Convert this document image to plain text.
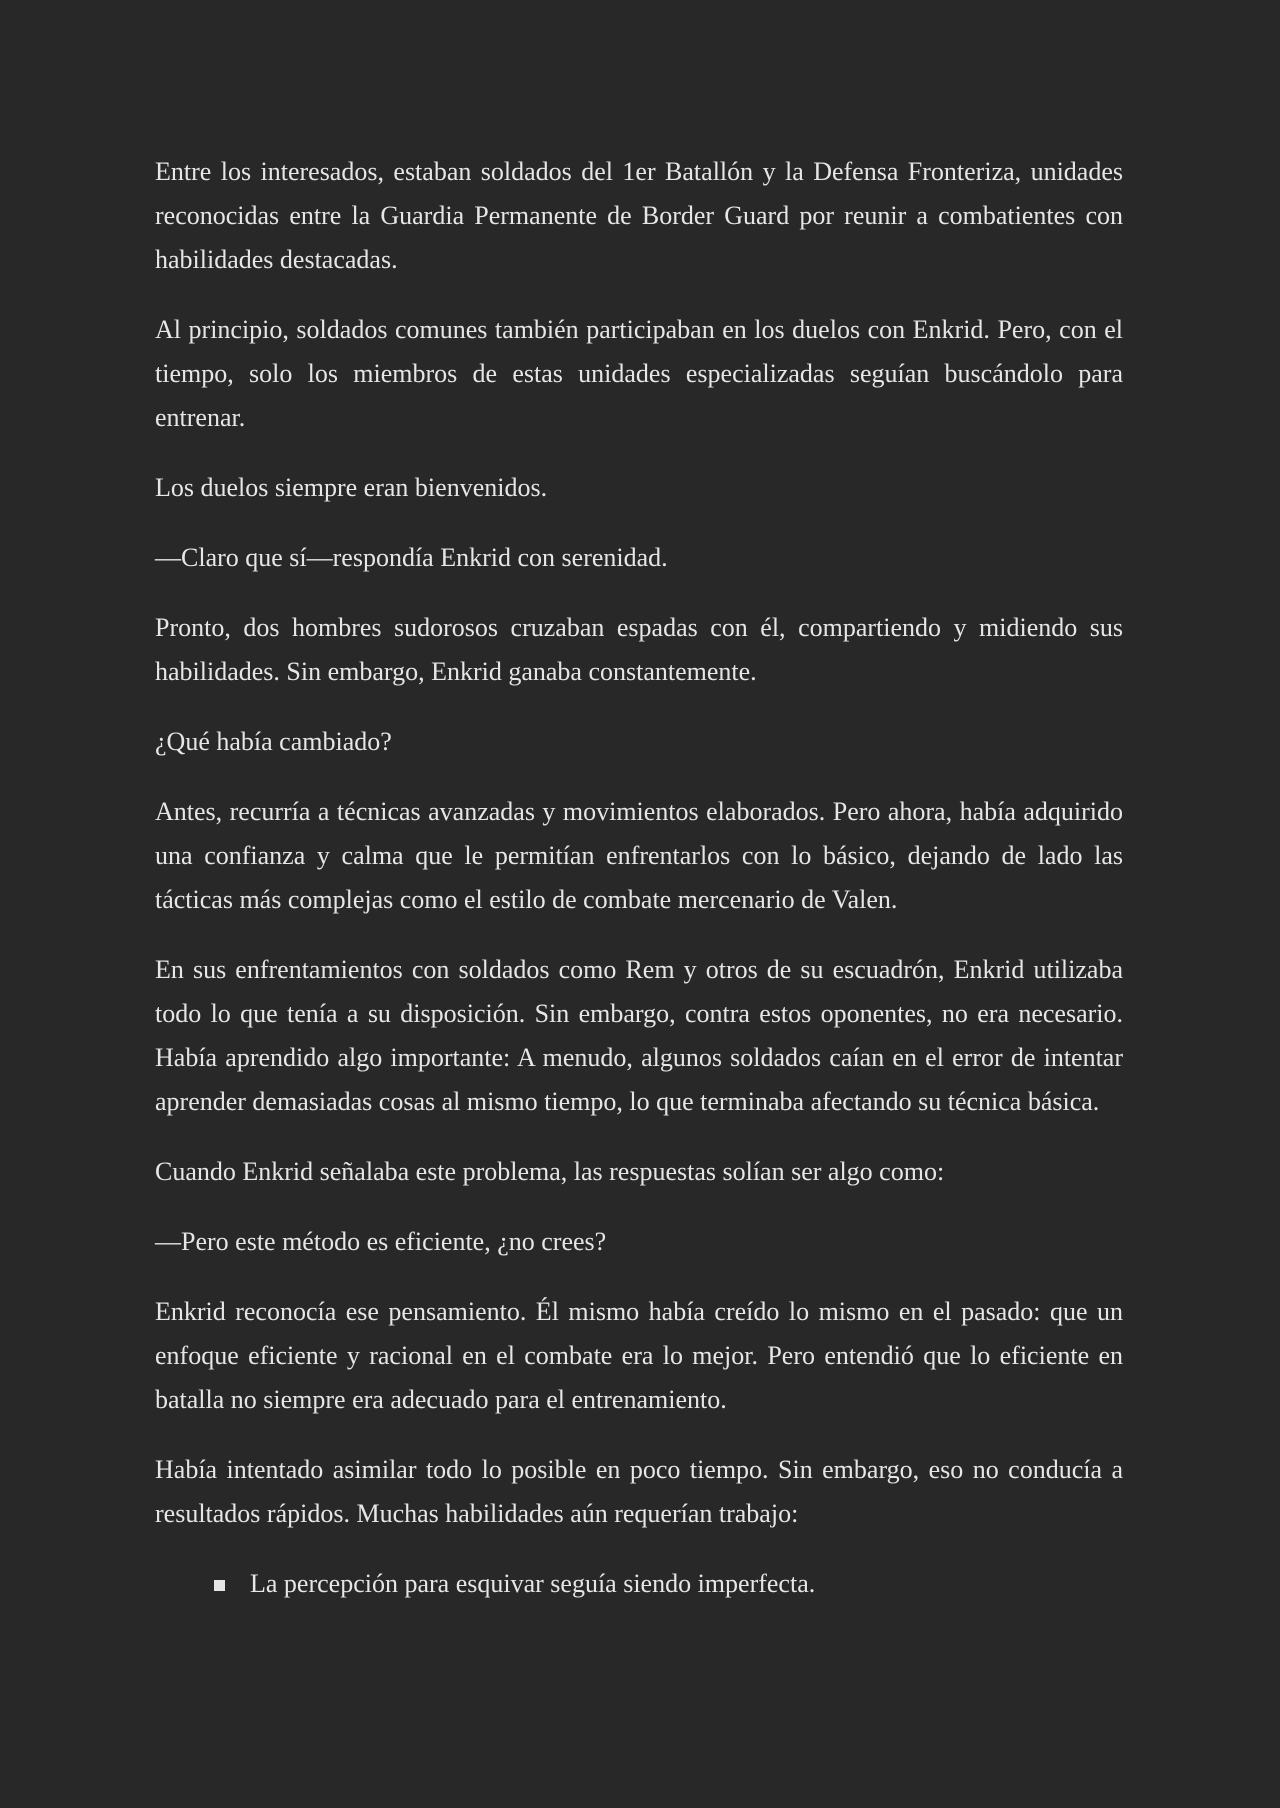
Entre los interesados, estaban soldados del 1er Batallón y la Defensa Fronteriza, unidades reconocidas entre la Guardia Permanente de Border Guard por reunir a combatientes con habilidades destacadas.

Al principio, soldados comunes también participaban en los duelos con Enkrid. Pero, con el tiempo, solo los miembros de estas unidades especializadas seguían buscándolo para entrenar.

Los duelos siempre eran bienvenidos.

—Claro que sí—respondía Enkrid con serenidad.

Pronto, dos hombres sudorosos cruzaban espadas con él, compartiendo y midiendo sus habilidades. Sin embargo, Enkrid ganaba constantemente.

¿Qué había cambiado?

Antes, recurría a técnicas avanzadas y movimientos elaborados. Pero ahora, había adquirido una confianza y calma que le permitían enfrentarlos con lo básico, dejando de lado las tácticas más complejas como el estilo de combate mercenario de Valen.

En sus enfrentamientos con soldados como Rem y otros de su escuadrón, Enkrid utilizaba todo lo que tenía a su disposición. Sin embargo, contra estos oponentes, no era necesario. Había aprendido algo importante: A menudo, algunos soldados caían en el error de intentar aprender demasiadas cosas al mismo tiempo, lo que terminaba afectando su técnica básica.

Cuando Enkrid señalaba este problema, las respuestas solían ser algo como:

—Pero este método es eficiente, ¿no crees?

Enkrid reconocía ese pensamiento. Él mismo había creído lo mismo en el pasado: que un enfoque eficiente y racional en el combate era lo mejor. Pero entendió que lo eficiente en batalla no siempre era adecuado para el entrenamiento.

Había intentado asimilar todo lo posible en poco tiempo. Sin embargo, eso no conducía a resultados rápidos. Muchas habilidades aún requerían trabajo:

La percepción para esquivar seguía siendo imperfecta.
